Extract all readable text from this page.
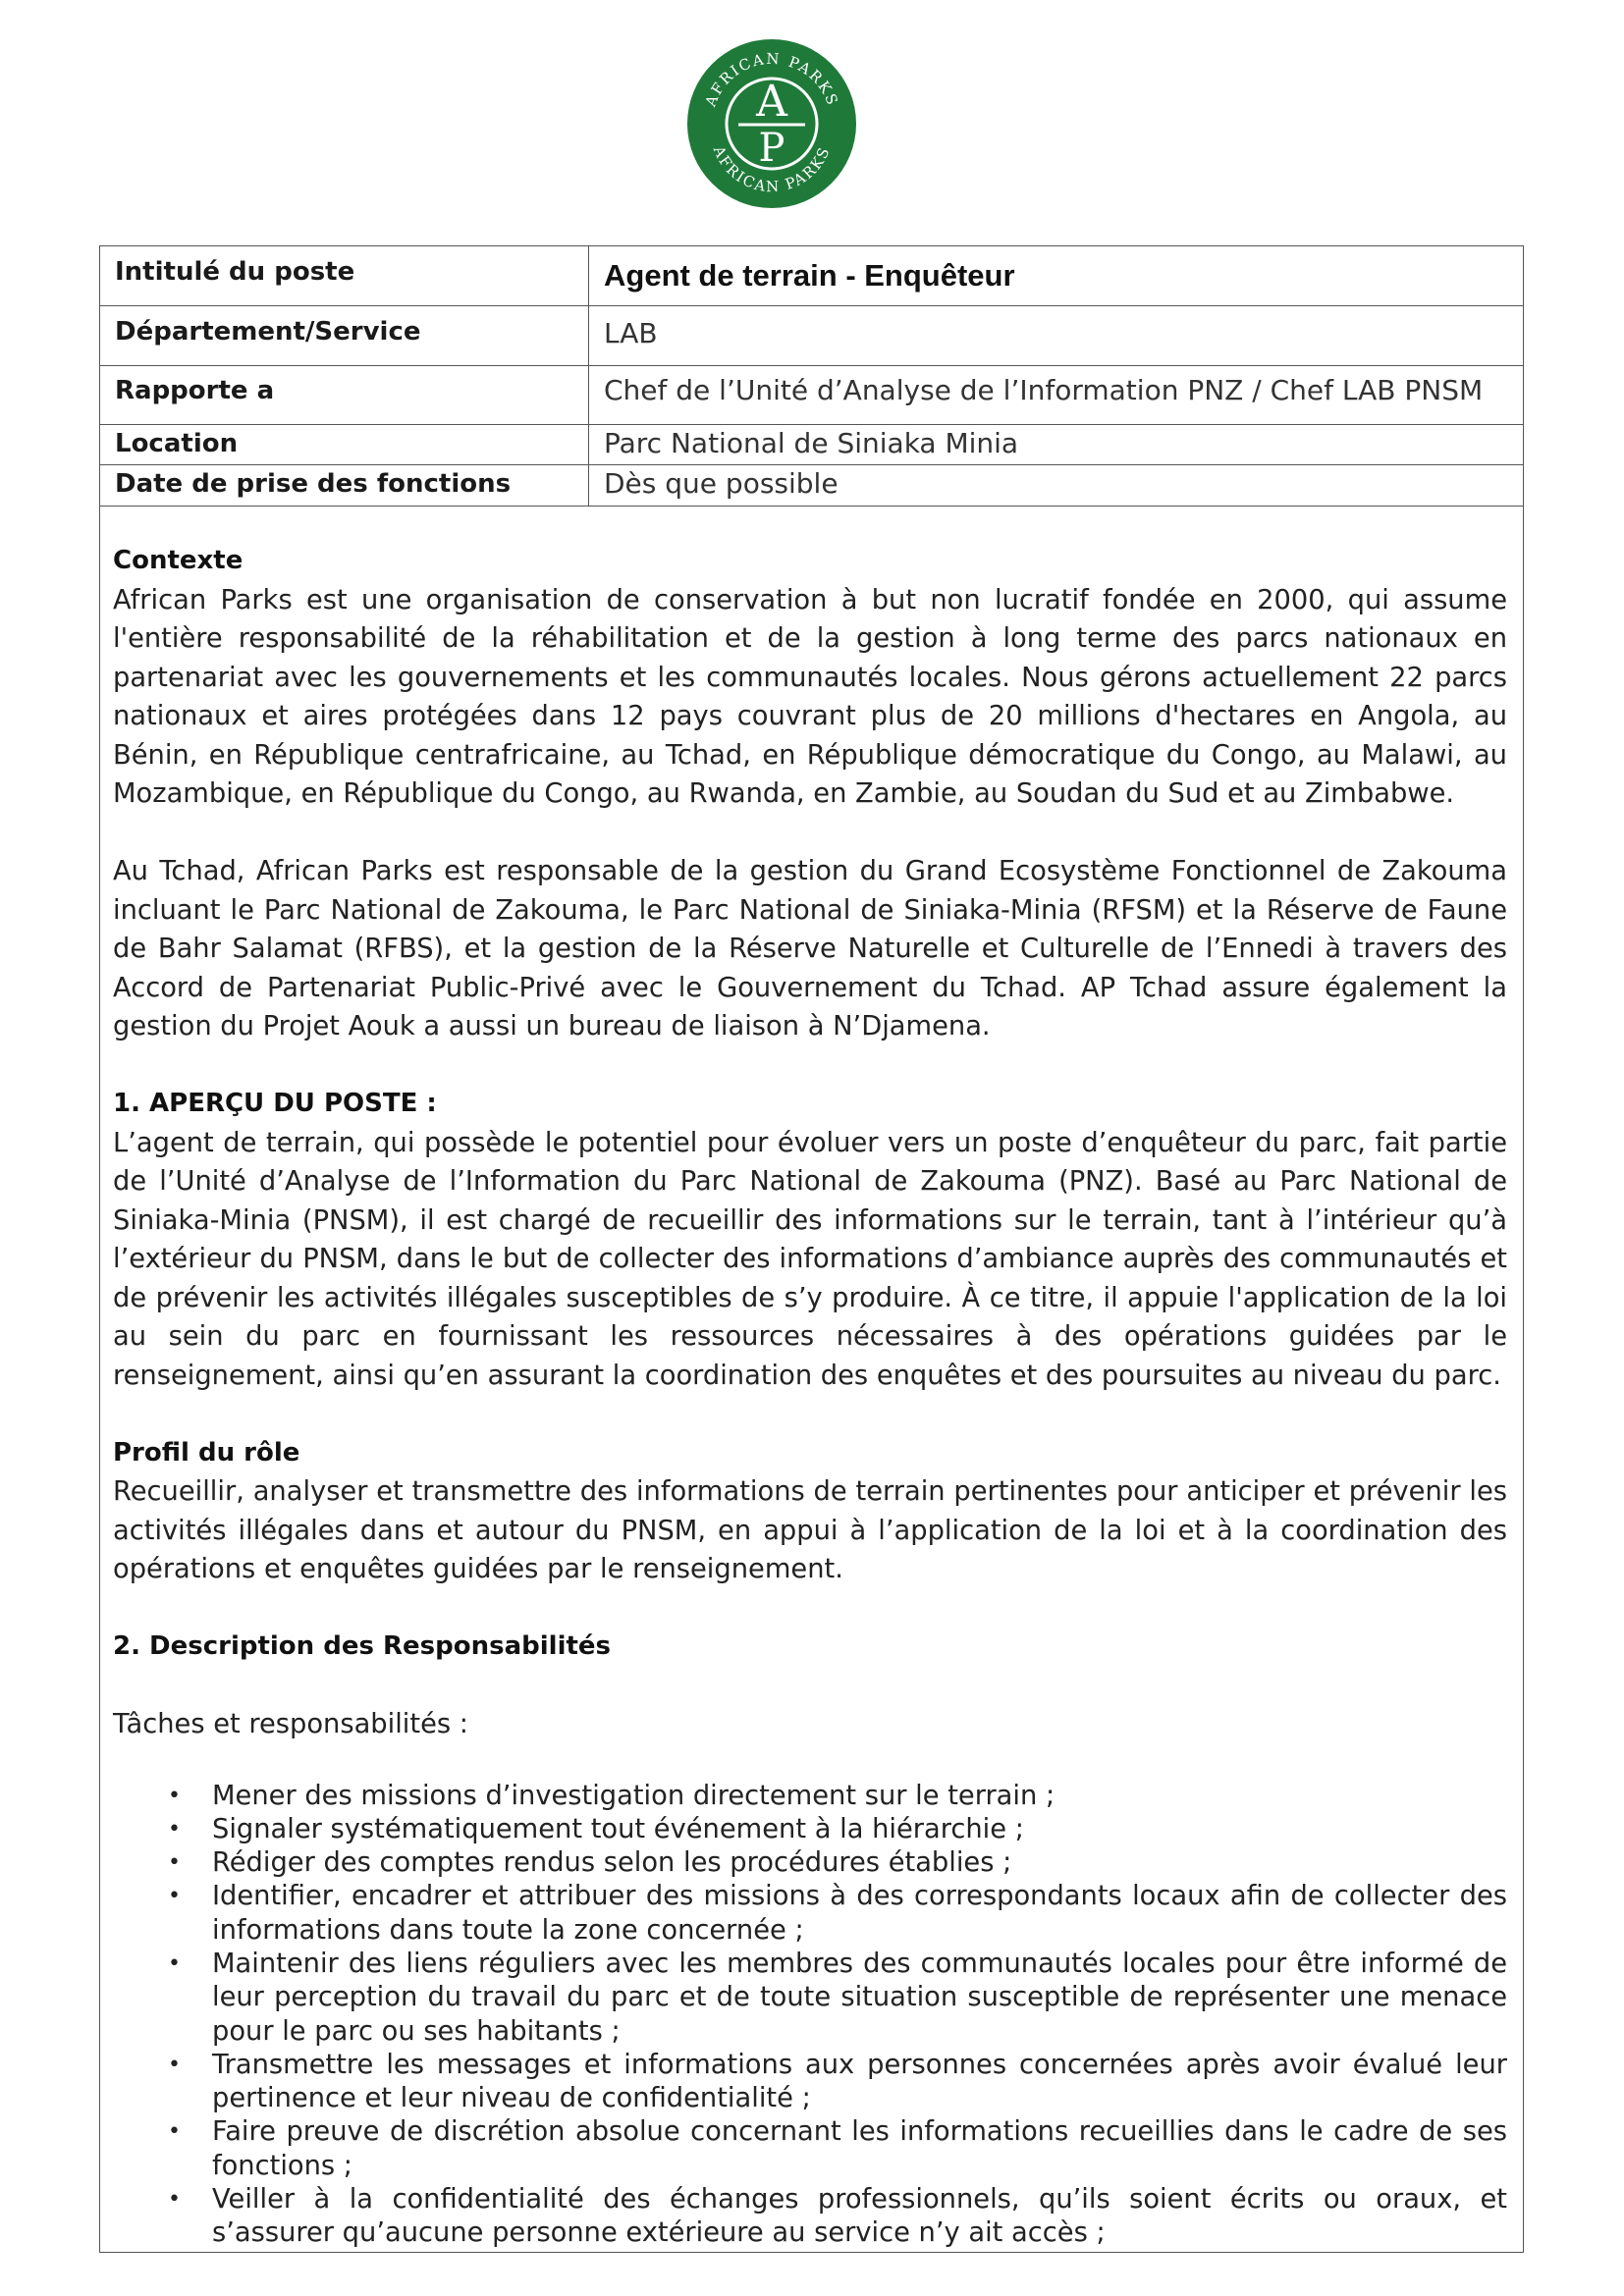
AFRICAN PARKS
AFRICAN PARKS
A
P
Intitulé du poste	Agent de terrain - Enquêteur
Département/Service	LAB
Rapporte a	Chef de l’Unité d’Analyse de l’Information PNZ / Chef LAB PNSM
Location	Parc National de Siniaka Minia
Date de prise des fonctions	Dès que possible
Contexte

African Parks est une organisation de conservation à but non lucratif fondée en 2000, qui assume l'entière responsabilité de la réhabilitation et de la gestion à long terme des parcs nationaux en partenariat avec les gouvernements et les communautés locales. Nous gérons actuellement 22 parcs nationaux et aires protégées dans 12 pays couvrant plus de 20 millions d'hectares en Angola, au Bénin, en République centrafricaine, au Tchad, en République démocratique du Congo, au Malawi, au Mozambique, en République du Congo, au Rwanda, en Zambie, au Soudan du Sud et au Zimbabwe.

Au Tchad, African Parks est responsable de la gestion du Grand Ecosystème Fonctionnel de Zakouma incluant le Parc National de Zakouma, le Parc National de Siniaka-Minia (RFSM) et la Réserve de Faune de Bahr Salamat (RFBS), et la gestion de la Réserve Naturelle et Culturelle de l’Ennedi à travers des Accord de Partenariat Public-Privé avec le Gouvernement du Tchad. AP Tchad assure également la gestion du Projet Aouk a aussi un bureau de liaison à N’Djamena.

1. APERÇU DU POSTE :

L’agent de terrain, qui possède le potentiel pour évoluer vers un poste d’enquêteur du parc, fait partie de l’Unité d’Analyse de l’Information du Parc National de Zakouma (PNZ). Basé au Parc National de Siniaka-Minia (PNSM), il est chargé de recueillir des informations sur le terrain, tant à l’intérieur qu’à l’extérieur du PNSM, dans le but de collecter des informations d’ambiance auprès des communautés et de prévenir les activités illégales susceptibles de s’y produire. À ce titre, il appuie l'application de la loi au sein du parc en fournissant les ressources nécessaires à des opérations guidées par le renseignement, ainsi qu’en assurant la coordination des enquêtes et des poursuites au niveau du parc.

Profil du rôle

Recueillir, analyser et transmettre des informations de terrain pertinentes pour anticiper et prévenir les activités illégales dans et autour du PNSM, en appui à l’application de la loi et à la coordination des opérations et enquêtes guidées par le renseignement.

2. Description des Responsabilités

Tâches et responsabilités :

• Mener des missions d’investigation directement sur le terrain ;
• Signaler systématiquement tout événement à la hiérarchie ;
• Rédiger des comptes rendus selon les procédures établies ;
• Identifier, encadrer et attribuer des missions à des correspondants locaux afin de collecter des informations dans toute la zone concernée ;
• Maintenir des liens réguliers avec les membres des communautés locales pour être informé de leur perception du travail du parc et de toute situation susceptible de représenter une menace pour le parc ou ses habitants ;
• Transmettre les messages et informations aux personnes concernées après avoir évalué leur pertinence et leur niveau de confidentialité ;
• Faire preuve de discrétion absolue concernant les informations recueillies dans le cadre de ses fonctions ;
• Veiller à la confidentialité des échanges professionnels, qu’ils soient écrits ou oraux, et s’assurer qu’aucune personne extérieure au service n’y ait accès ;
